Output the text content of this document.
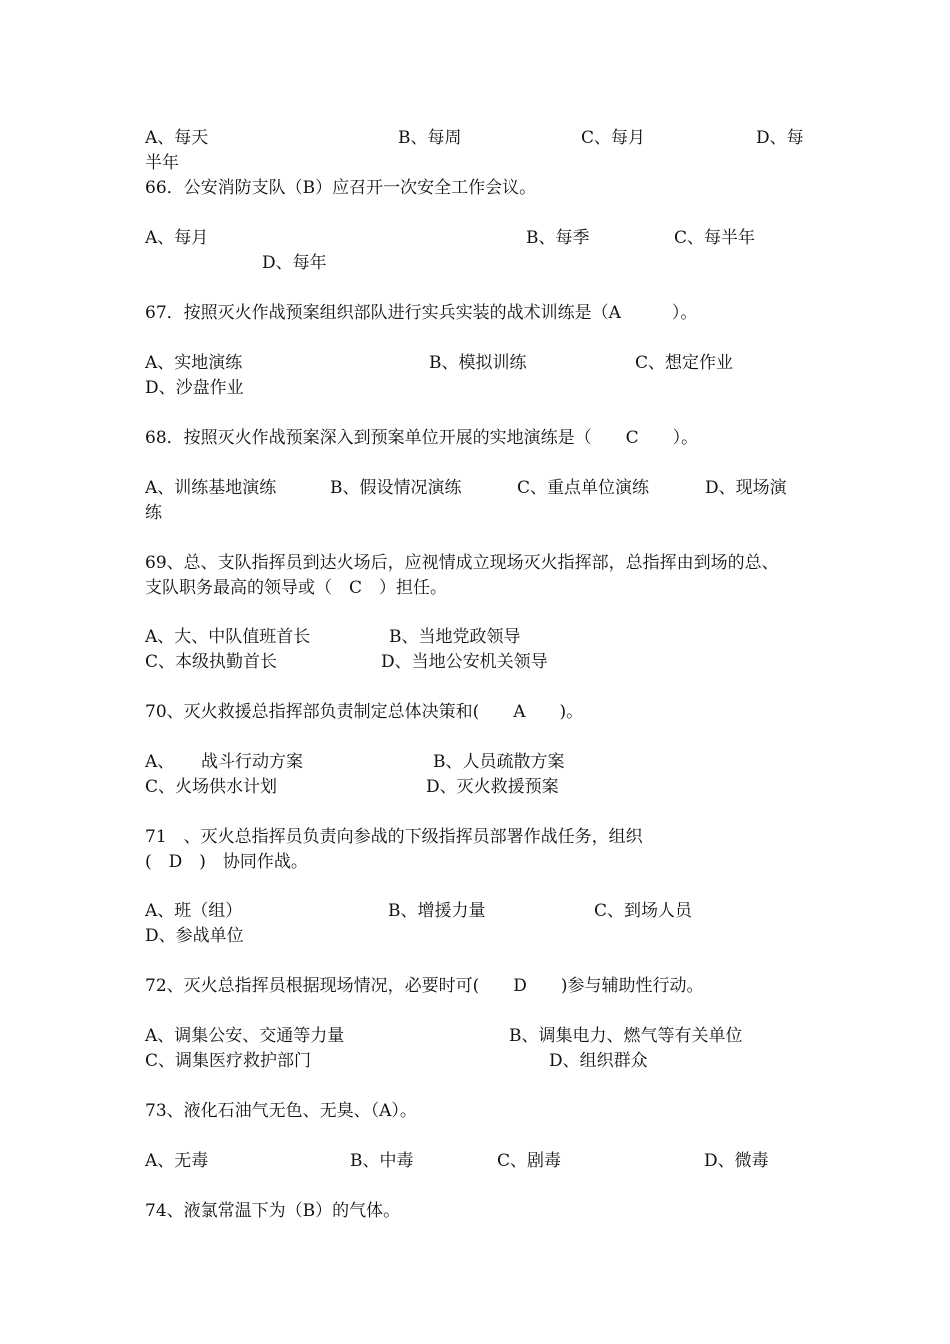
A、每天

	B、每周

	C、每月

	D、每

半年
66．公安消防支队（B）应召开一次安全工作会议。

A、每月

	B、每季

	C、每半年

D、每年

67．按照灭火作战预案组织部队进行实兵实装的战术训练是（A　　　）。

A、实地演练

	B、模拟训练

	C、想定作业

D、沙盘作业
68．按照灭火作战预案深入到预案单位开展的实地演练是（　　C　　）。

A、训练基地演练

	B、假设情况演练

	C、重点单位演练

	D、现场演

练
69、总、支队指挥员到达火场后，应视情成立现场灭火指挥部，总指挥由到场的总、
支队职务最高的领导或（　C　）担任。

A、大、中队值班首长

	B、当地党政领导

C、本级执勤首长

	D、当地公安机关领导

70、灭火救援总指挥部负责制定总体决策和(　　A　　)。

A、

战斗行动方案

	B、人员疏散方案

C、火场供水计划

	D、灭火救援预案

71　、灭火总指挥员负责向参战的下级指挥员部署作战任务，组织
(　D　)　协同作战。

A、班（组）

	B、增援力量

	C、到场人员

D、参战单位
72、灭火总指挥员根据现场情况，必要时可(　　D　　)参与辅助性行动。

A、调集公安、交通等力量

	B、调集电力、燃气等有关单位

C、调集医疗救护部门

	D、组织群众

73、液化石油气无色、无臭、（A）。

A、无毒

	B、中毒

	C、剧毒

	D、微毒

74、液氯常温下为（B）的气体。
